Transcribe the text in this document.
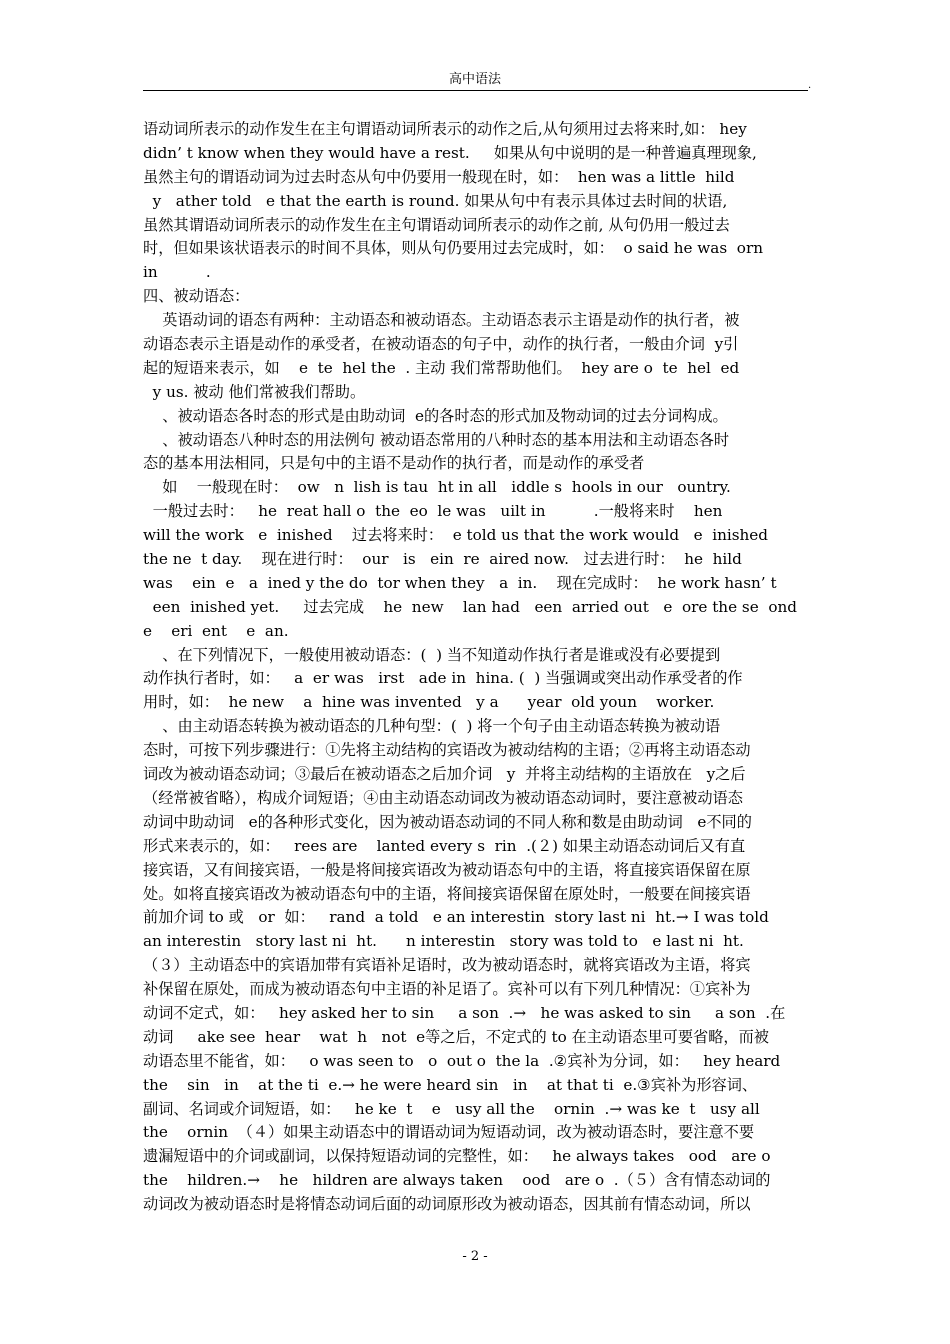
高中语法	.
语动词所表示的动作发生在主句谓语动词所表示的动作之后,从句须用过去将来时,如： hey
didn’ t know when they would have a rest.     如果从句中说明的是一种普遍真理现象,
虽然主句的谓语动词为过去时态从句中仍要用一般现在时，如：  hen was a little  hild
y   ather told   e that the earth is round. 如果从句中有表示具体过去时间的状语,
虽然其谓语动词所表示的动作发生在主句谓语动词所表示的动作之前, 从句仍用一般过去
时，但如果该状语表示的时间不具体，则从句仍要用过去完成时，如：  o said he was  orn
in          .
四、被动语态：
英语动词的语态有两种：主动语态和被动语态。主动语态表示主语是动作的执行者，被
动语态表示主语是动作的承受者，在被动语态的句子中，动作的执行者，一般由介词  y引
起的短语来表示，如    e  te  hel the  . 主动 我们常帮助他们。  hey are o  te  hel  ed
y us. 被动 他们常被我们帮助。
、被动语态各时态的形式是由助动词  e的各时态的形式加及物动词的过去分词构成。
、被动语态八种时态的用法例句 被动语态常用的八种时态的基本用法和主动语态各时
态的基本用法相同，只是句中的主语不是动作的执行者，而是动作的承受者
如    一般现在时：  ow   n  lish is tau  ht in all   iddle s  hools in our   ountry.
一般过去时：   he  reat hall o  the  eo  le was   uilt in          .一般将来时    hen
will the work   e  inished    过去将来时：  e told us that the work would   e  inished
the ne  t day.    现在进行时：  our   is   ein  re  aired now.   过去进行时：  he  hild
was    ein  e   a  ined y the do  tor when they   a  in.    现在完成时：  he work hasn’ t
een  inished yet.     过去完成    he  new    lan had   een  arried out   e  ore the se  ond
e    eri  ent    e  an.
、在下列情况下，一般使用被动语态：(  ) 当不知道动作执行者是谁或没有必要提到
动作执行者时，如：   a  er was   irst   ade in  hina. (  ) 当强调或突出动作承受者的作
用时，如：  he new    a  hine was invented   y a      year  old youn    worker.
、由主动语态转换为被动语态的几种句型：(  ) 将一个句子由主动语态转换为被动语
态时，可按下列步骤进行：①先将主动结构的宾语改为被动结构的主语；②再将主动语态动
词改为被动语态动词；③最后在被动语态之后加介词   y  并将主动结构的主语放在   y之后
（经常被省略），构成介词短语；④由主动语态动词改为被动语态动词时，要注意被动语态
动词中助动词   e的各种形式变化，因为被动语态动词的不同人称和数是由助动词   e不同的
形式来表示的，如：   rees are    lanted every s  rin  .(２) 如果主动语态动词后又有直
接宾语，又有间接宾语，一般是将间接宾语改为被动语态句中的主语，将直接宾语保留在原
处。如将直接宾语改为被动语态句中的主语，将间接宾语保留在原处时，一般要在间接宾语
前加介词 to 或   or  如：   rand  a told   e an interestin  story last ni  ht.→ I was told
an interestin   story last ni  ht.      n interestin   story was told to   e last ni  ht.
（３）主动语态中的宾语加带有宾语补足语时，改为被动语态时，就将宾语改为主语，将宾
补保留在原处，而成为被动语态句中主语的补足语了。宾补可以有下列几种情况：①宾补为
动词不定式，如：   hey asked her to sin     a son  .→   he was asked to sin     a son  .在
动词     ake see  hear    wat  h   not  e等之后，不定式的 to 在主动语态里可要省略，而被
动语态里不能省，如：   o was seen to   o  out o  the la  .②宾补为分词，如：   hey heard
the    sin   in    at the ti  e.→ he were heard sin   in    at that ti  e.③宾补为形容词、
副词、名词或介词短语，如：   he ke  t    e   usy all the    ornin  .→ was ke  t   usy all
the    ornin  （４）如果主动语态中的谓语动词为短语动词，改为被动语态时，要注意不要
遗漏短语中的介词或副词，以保持短语动词的完整性，如：   he always takes   ood   are o
the    hildren.→    he   hildren are always taken    ood   are o  .（５）含有情态动词的
动词改为被动语态时是将情态动词后面的动词原形改为被动语态，因其前有情态动词，所以
- 2 -
